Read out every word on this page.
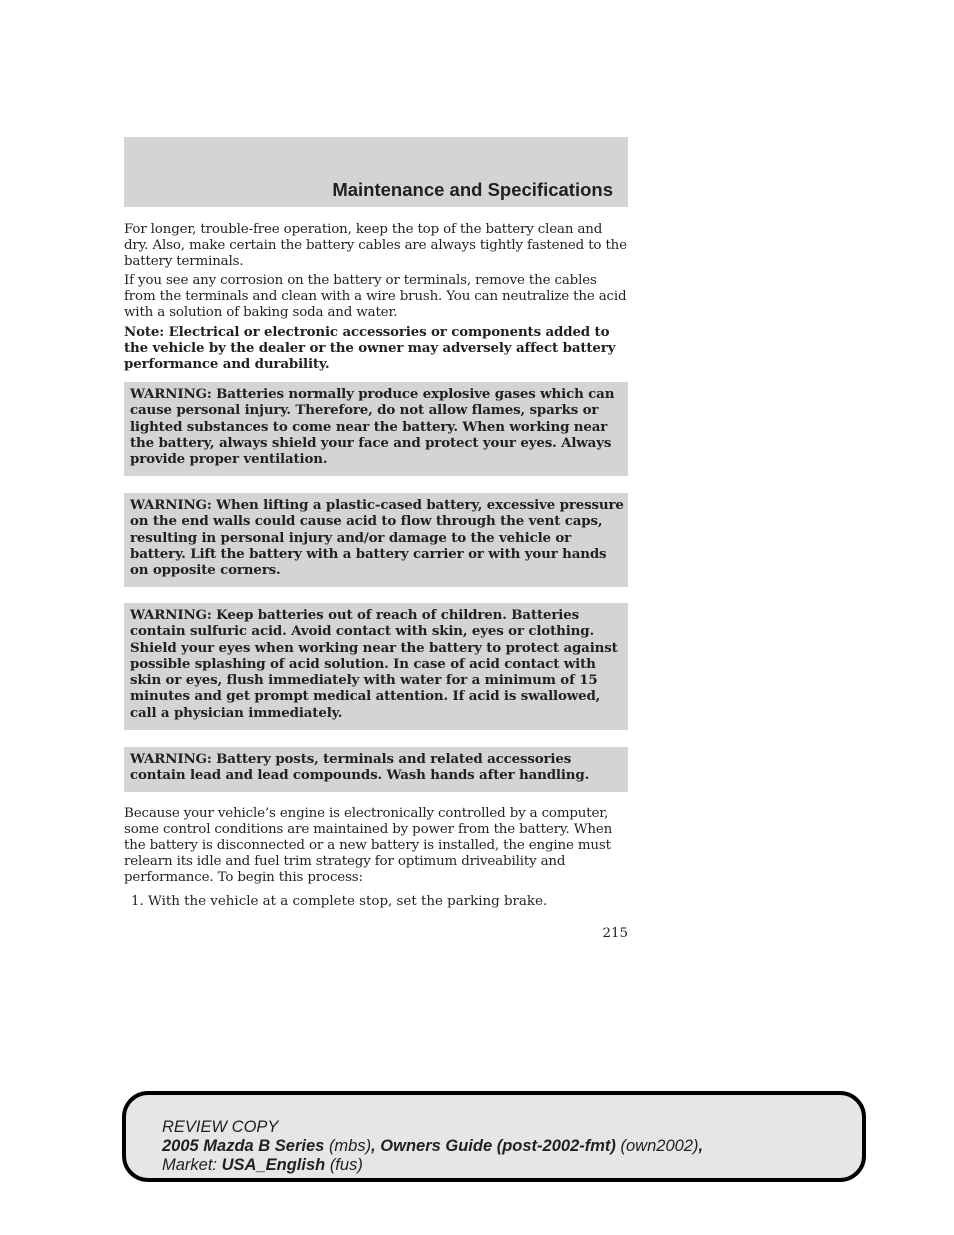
Maintenance and Specifications
For longer, trouble-free operation, keep the top of the battery clean and dry. Also, make certain the battery cables are always tightly fastened to the battery terminals.
If you see any corrosion on the battery or terminals, remove the cables from the terminals and clean with a wire brush. You can neutralize the acid with a solution of baking soda and water.
Note: Electrical or electronic accessories or components added to the vehicle by the dealer or the owner may adversely affect battery performance and durability.
WARNING: Batteries normally produce explosive gases which can cause personal injury. Therefore, do not allow flames, sparks or lighted substances to come near the battery. When working near the battery, always shield your face and protect your eyes. Always provide proper ventilation.
WARNING: When lifting a plastic-cased battery, excessive pressure on the end walls could cause acid to flow through the vent caps, resulting in personal injury and/or damage to the vehicle or battery. Lift the battery with a battery carrier or with your hands on opposite corners.
WARNING: Keep batteries out of reach of children. Batteries contain sulfuric acid. Avoid contact with skin, eyes or clothing. Shield your eyes when working near the battery to protect against possible splashing of acid solution. In case of acid contact with skin or eyes, flush immediately with water for a minimum of 15 minutes and get prompt medical attention. If acid is swallowed, call a physician immediately.
WARNING: Battery posts, terminals and related accessories contain lead and lead compounds. Wash hands after handling.
Because your vehicle’s engine is electronically controlled by a computer, some control conditions are maintained by power from the battery. When the battery is disconnected or a new battery is installed, the engine must relearn its idle and fuel trim strategy for optimum driveability and performance. To begin this process:
1. With the vehicle at a complete stop, set the parking brake.
215
REVIEW COPY
2005 Mazda B Series (mbs), Owners Guide (post-2002-fmt) (own2002),
Market: USA_English (fus)
